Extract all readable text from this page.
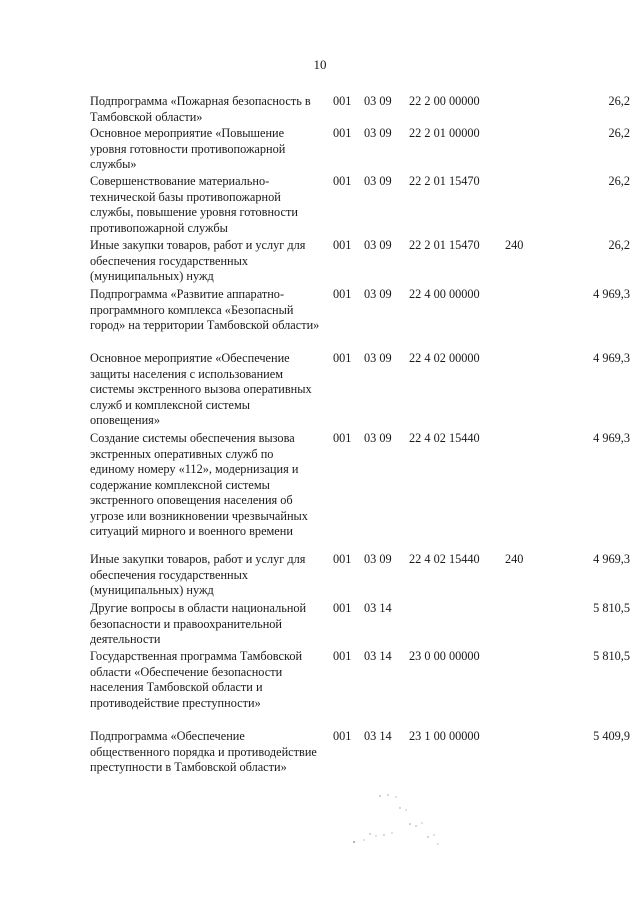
10
Подпрограмма «Пожарная безопасность в Тамбовской области»
001 03 09 22 2 00 00000	26,2
Основное мероприятие «Повышение уровня готовности противопожарной службы»
001 03 09 22 2 01 00000	26,2
Совершенствование материально-технической базы противопожарной службы, повышение уровня готовности противопожарной службы
001 03 09 22 2 01 15470	26,2
Иные закупки товаров, работ и услуг для обеспечения государственных (муниципальных) нужд
001 03 09 22 2 01 15470 240	26,2
Подпрограмма «Развитие аппаратно-программного комплекса «Безопасный город» на территории Тамбовской области»
001 03 09 22 4 00 00000	4 969,3
Основное мероприятие «Обеспечение защиты населения с использованием системы экстренного вызова оперативных служб и комплексной системы оповещения»
001 03 09 22 4 02 00000	4 969,3
Создание системы обеспечения вызова экстренных оперативных служб по единому номеру «112», модернизация и содержание комплексной системы экстренного оповещения населения об угрозе или возникновении чрезвычайных ситуаций мирного и военного времени
001 03 09 22 4 02 15440	4 969,3
Иные закупки товаров, работ и услуг для обеспечения государственных (муниципальных) нужд
001 03 09 22 4 02 15440 240	4 969,3
Другие вопросы в области национальной безопасности и правоохранительной деятельности
001 03 14	5 810,5
Государственная программа Тамбовской области «Обеспечение безопасности населения Тамбовской области и противодействие преступности»
001 03 14 23 0 00 00000	5 810,5
Подпрограмма «Обеспечение общественного порядка и противодействие преступности в Тамбовской области»
001 03 14 23 1 00 00000	5 409,9
